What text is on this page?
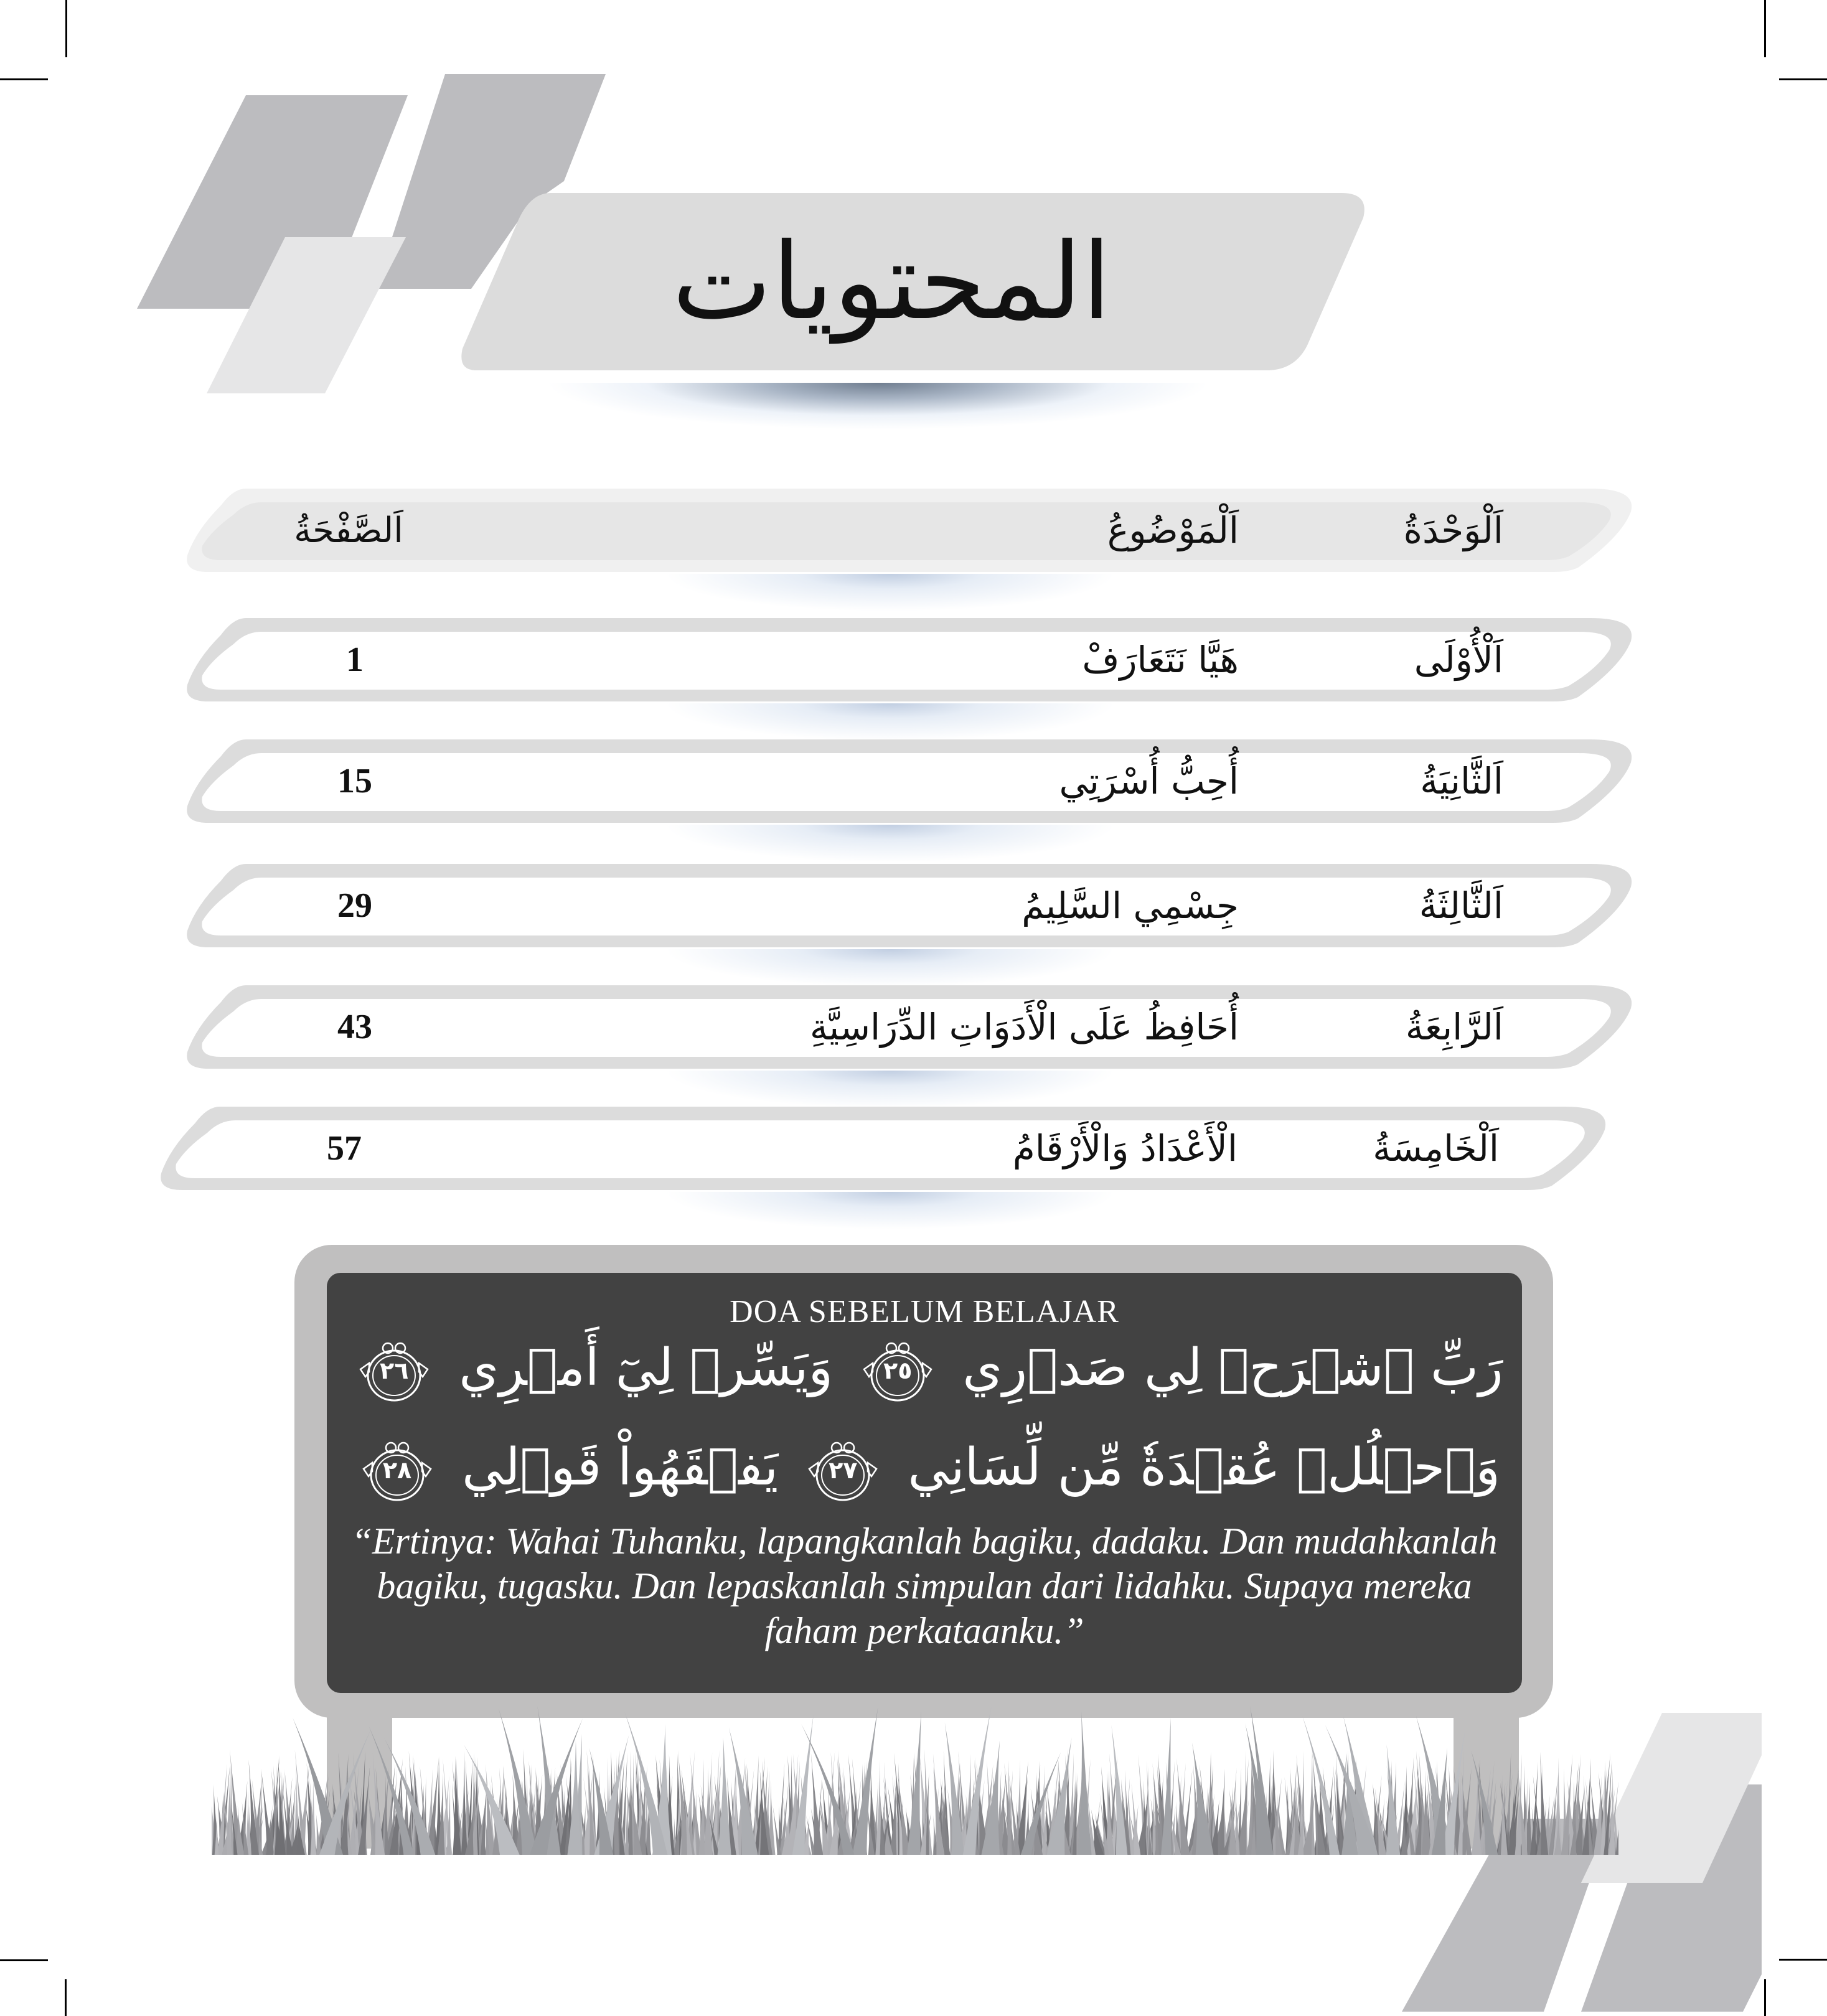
المحتويات
اَلْوَحْدَةُ
اَلْمَوْضُوعُ
اَلصَّفْحَةُ
اَلْأُوْلَى
هَيَّا نَتَعَارَفْ
1
اَلثَّانِيَةُ
أُحِبُّ أُسْرَتِي
15
اَلثَّالِثَةُ
جِسْمِي السَّلِيمُ
29
اَلرَّابِعَةُ
أُحَافِظُ عَلَى الْأَدَوَاتِ الدِّرَاسِيَّةِ
43
اَلْخَامِسَةُ
الْأَعْدَادُ وَالْأَرْقَامُ
57
DOA SEBELUM BELAJAR
رَبِّ ٱشۡرَحۡ لِي صَدۡرِي
٢٥
وَيَسِّرۡ لِيٓ أَمۡرِي
٢٦
وَٱحۡلُلۡ عُقۡدَةٗ مِّن لِّسَانِي
٢٧
يَفۡقَهُواْ قَوۡلِي
٢٨
“Ertinya: Wahai Tuhanku, lapangkanlah bagiku, dadaku. Dan mudahkanlah bagiku, tugasku. Dan lepaskanlah simpulan dari lidahku. Supaya mereka faham perkataanku.”
